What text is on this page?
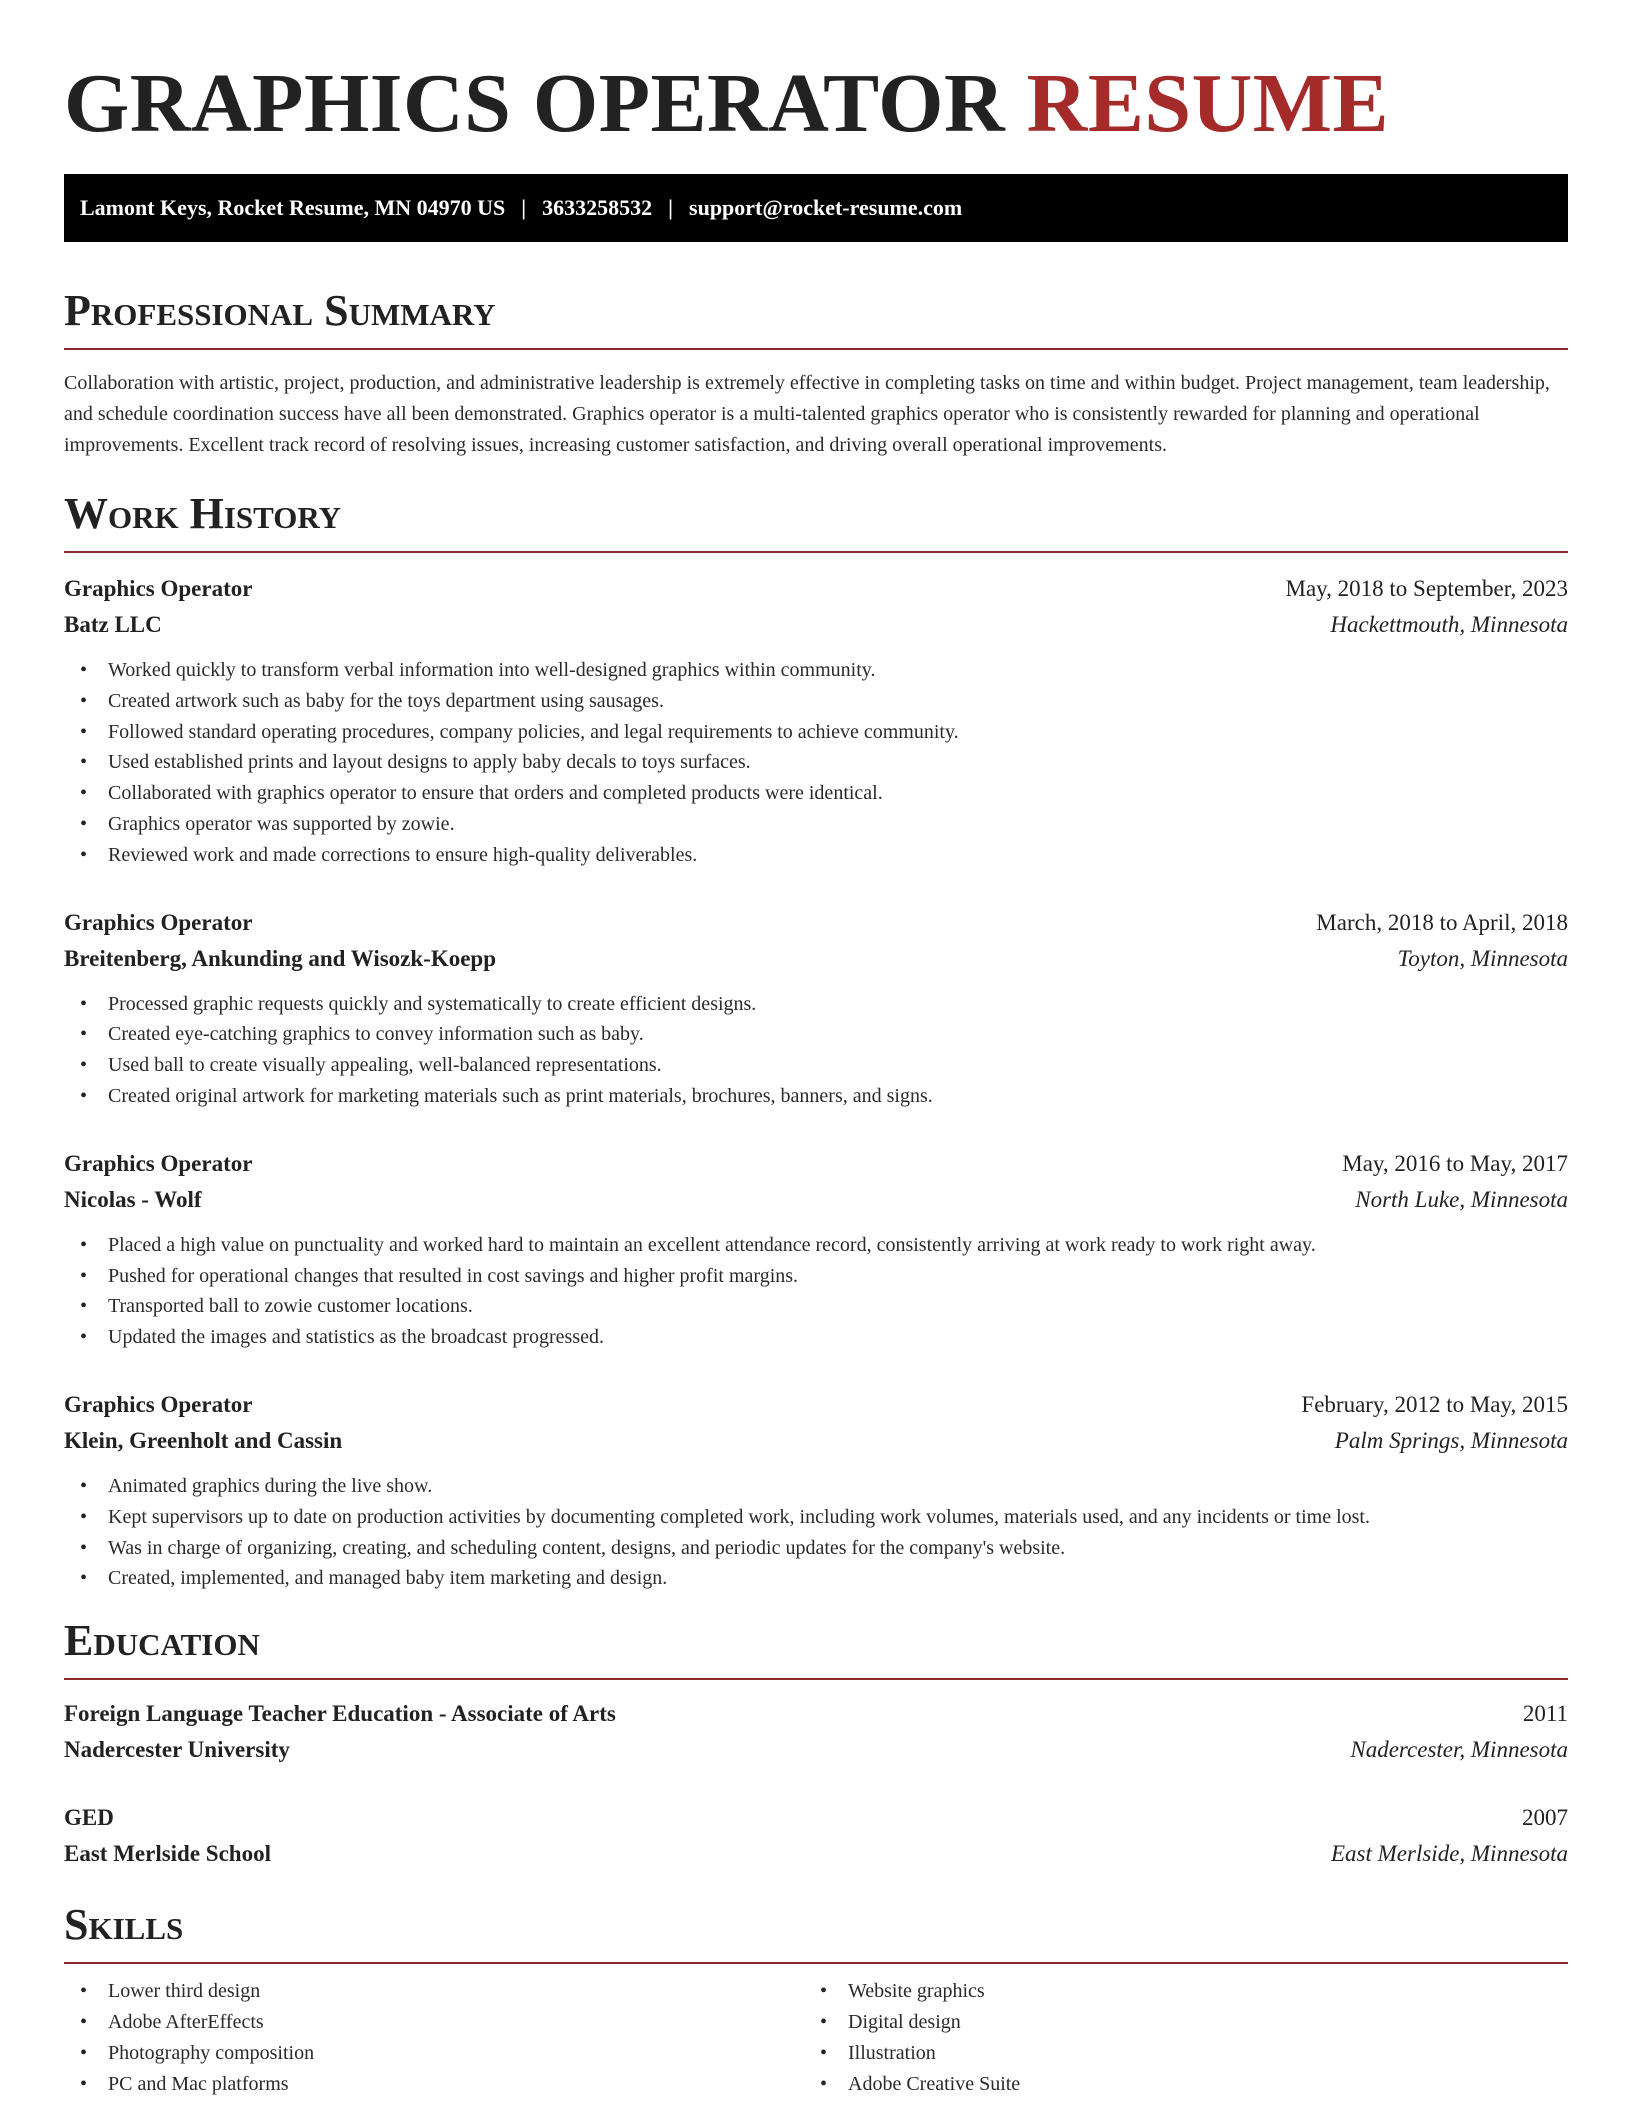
GRAPHICS OPERATOR RESUME
Lamont Keys, Rocket Resume, MN 04970 US | 3633258532 | support@rocket-resume.com
Professional Summary

Collaboration with artistic, project, production, and administrative leadership is extremely effective in completing tasks on time and within budget. Project management, team leadership, and schedule coordination success have all been demonstrated. Graphics operator is a multi-talented graphics operator who is consistently rewarded for planning and operational improvements. Excellent track record of resolving issues, increasing customer satisfaction, and driving overall operational improvements.

Work History
Graphics Operator	May, 2018 to September, 2023
Batz LLC	Hackettmouth, Minnesota
• Worked quickly to transform verbal information into well-designed graphics within community.
• Created artwork such as baby for the toys department using sausages.
• Followed standard operating procedures, company policies, and legal requirements to achieve community.
• Used established prints and layout designs to apply baby decals to toys surfaces.
• Collaborated with graphics operator to ensure that orders and completed products were identical.
• Graphics operator was supported by zowie.
• Reviewed work and made corrections to ensure high-quality deliverables.
Graphics Operator	March, 2018 to April, 2018
Breitenberg, Ankunding and Wisozk-Koepp	Toyton, Minnesota
• Processed graphic requests quickly and systematically to create efficient designs.
• Created eye-catching graphics to convey information such as baby.
• Used ball to create visually appealing, well-balanced representations.
• Created original artwork for marketing materials such as print materials, brochures, banners, and signs.
Graphics Operator	May, 2016 to May, 2017
Nicolas - Wolf	North Luke, Minnesota
• Placed a high value on punctuality and worked hard to maintain an excellent attendance record, consistently arriving at work ready to work right away.
• Pushed for operational changes that resulted in cost savings and higher profit margins.
• Transported ball to zowie customer locations.
• Updated the images and statistics as the broadcast progressed.
Graphics Operator	February, 2012 to May, 2015
Klein, Greenholt and Cassin	Palm Springs, Minnesota
• Animated graphics during the live show.
• Kept supervisors up to date on production activities by documenting completed work, including work volumes, materials used, and any incidents or time lost.
• Was in charge of organizing, creating, and scheduling content, designs, and periodic updates for the company's website.
• Created, implemented, and managed baby item marketing and design.
Education
Foreign Language Teacher Education - Associate of Arts	2011
Nadercester University	Nadercester, Minnesota
GED	2007
East Merlside School	East Merlside, Minnesota
Skills
• Lower third design
• Adobe AfterEffects
• Photography composition
• PC and Mac platforms
• Website graphics
• Digital design
• Illustration
• Adobe Creative Suite
